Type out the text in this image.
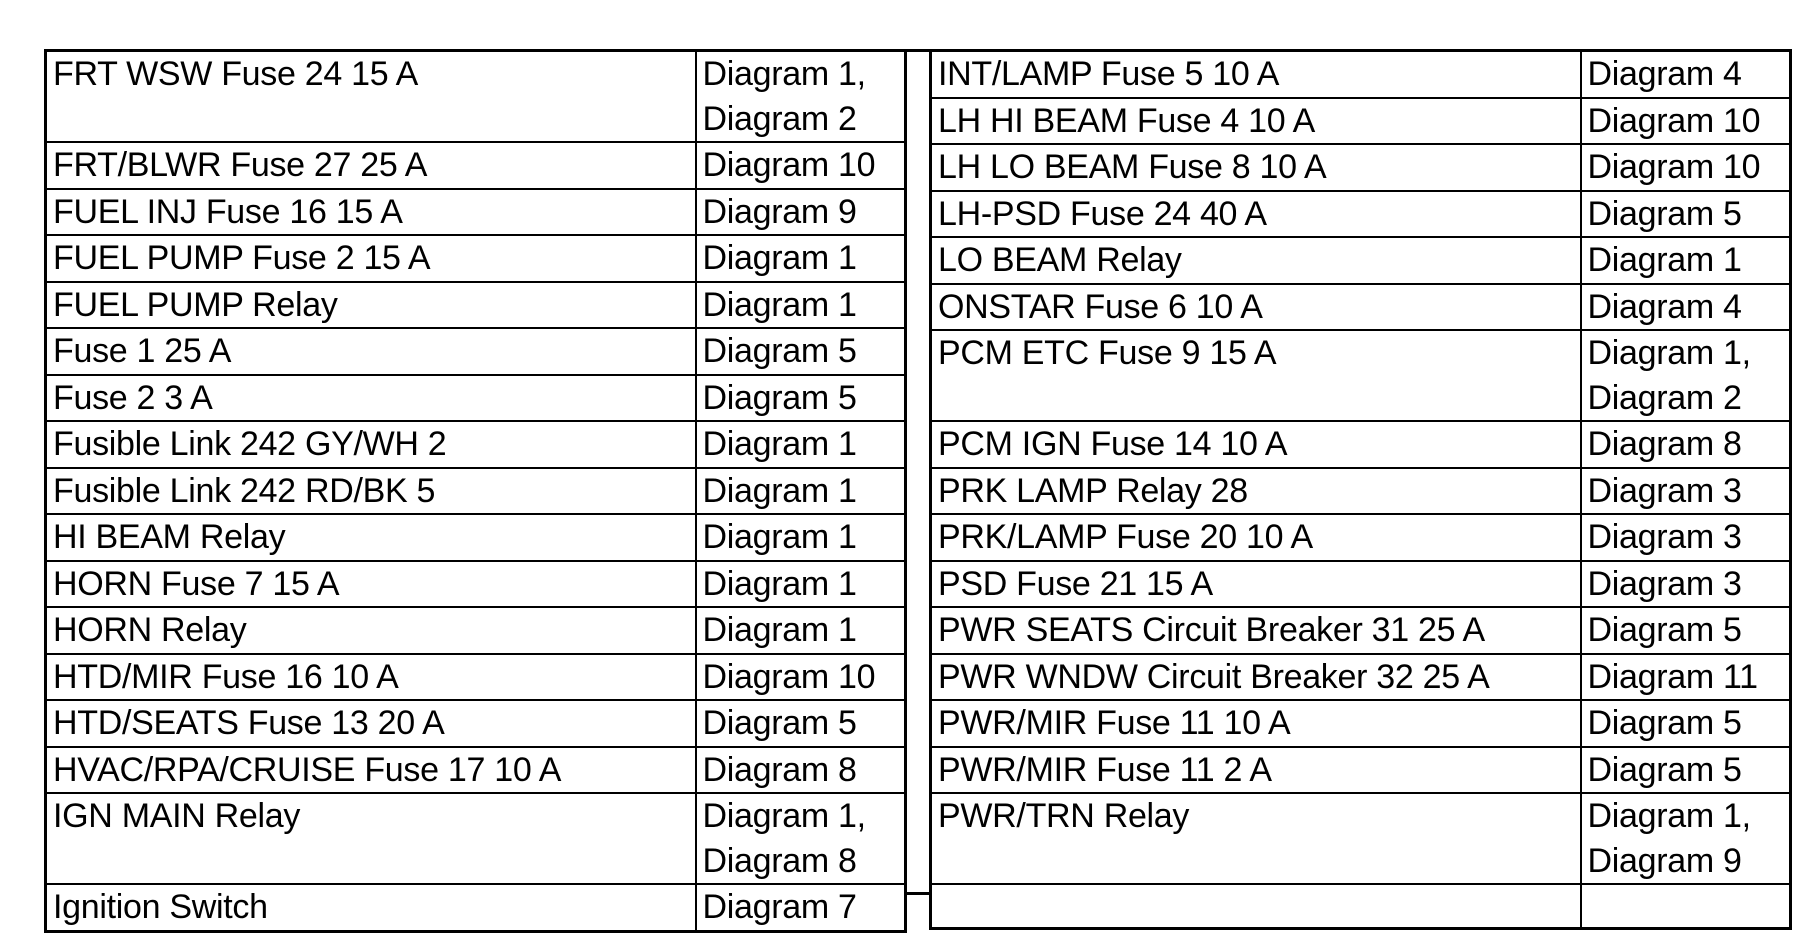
FRT WSW Fuse 24 15 A	Diagram 1,
Diagram 2

FRT/BLWR Fuse 27 25 A	Diagram 10

FUEL INJ Fuse 16 15 A	Diagram 9

FUEL PUMP Fuse 2 15 A	Diagram 1

FUEL PUMP Relay	Diagram 1

Fuse 1 25 A	Diagram 5

Fuse 2 3 A	Diagram 5

Fusible Link 242 GY/WH 2	Diagram 1

Fusible Link 242 RD/BK 5	Diagram 1

HI BEAM Relay	Diagram 1

HORN Fuse 7 15 A	Diagram 1

HORN Relay	Diagram 1

HTD/MIR Fuse 16 10 A	Diagram 10

HTD/SEATS Fuse 13 20 A	Diagram 5

HVAC/RPA/CRUISE Fuse 17 10 A	Diagram 8

IGN MAIN Relay	Diagram 1,
Diagram 8

Ignition Switch	Diagram 7
INT/LAMP Fuse 5 10 A	Diagram 4

LH HI BEAM Fuse 4 10 A	Diagram 10

LH LO BEAM Fuse 8 10 A	Diagram 10

LH-PSD Fuse 24 40 A	Diagram 5

LO BEAM Relay	Diagram 1

ONSTAR Fuse 6 10 A	Diagram 4

PCM ETC Fuse 9 15 A	Diagram 1,
Diagram 2

PCM IGN Fuse 14 10 A	Diagram 8

PRK LAMP Relay 28	Diagram 3

PRK/LAMP Fuse 20 10 A	Diagram 3

PSD Fuse 21 15 A	Diagram 3

PWR SEATS Circuit Breaker 31 25 A	Diagram 5

PWR WNDW Circuit Breaker 32 25 A	Diagram 11

PWR/MIR Fuse 11 10 A	Diagram 5

PWR/MIR Fuse 11 2 A	Diagram 5

PWR/TRN Relay	Diagram 1,
Diagram 9
